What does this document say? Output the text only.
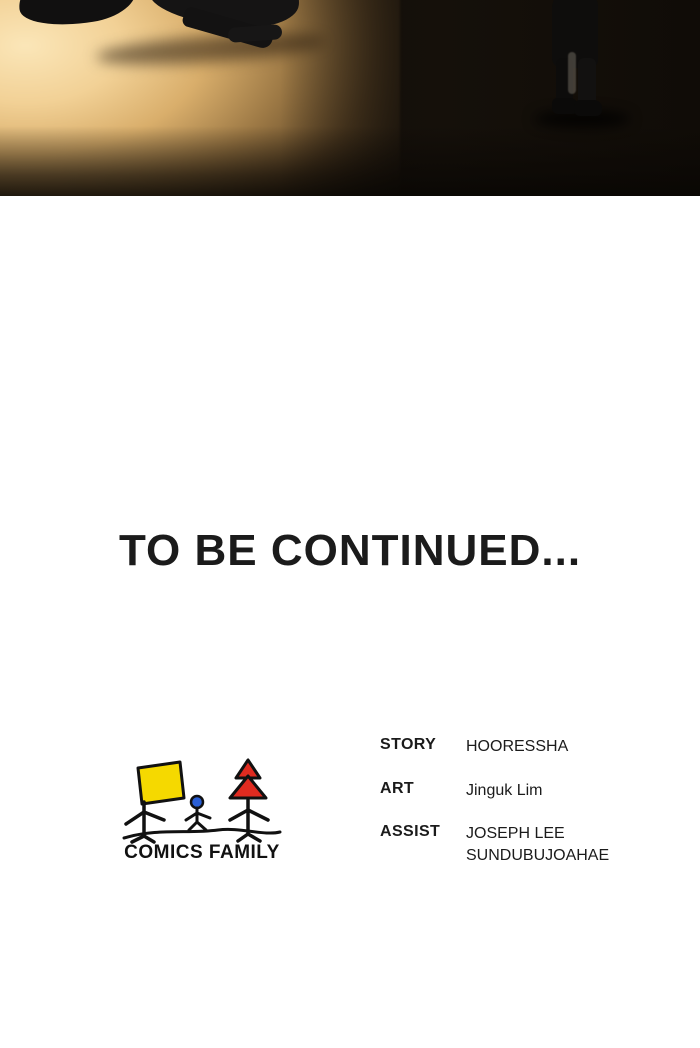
TO BE CONTINUED...
COMICS FAMILY
STORY	HOORESSHA
ART	Jinguk Lim
ASSIST	JOSEPH LEE
SUNDUBUJOAHAE
